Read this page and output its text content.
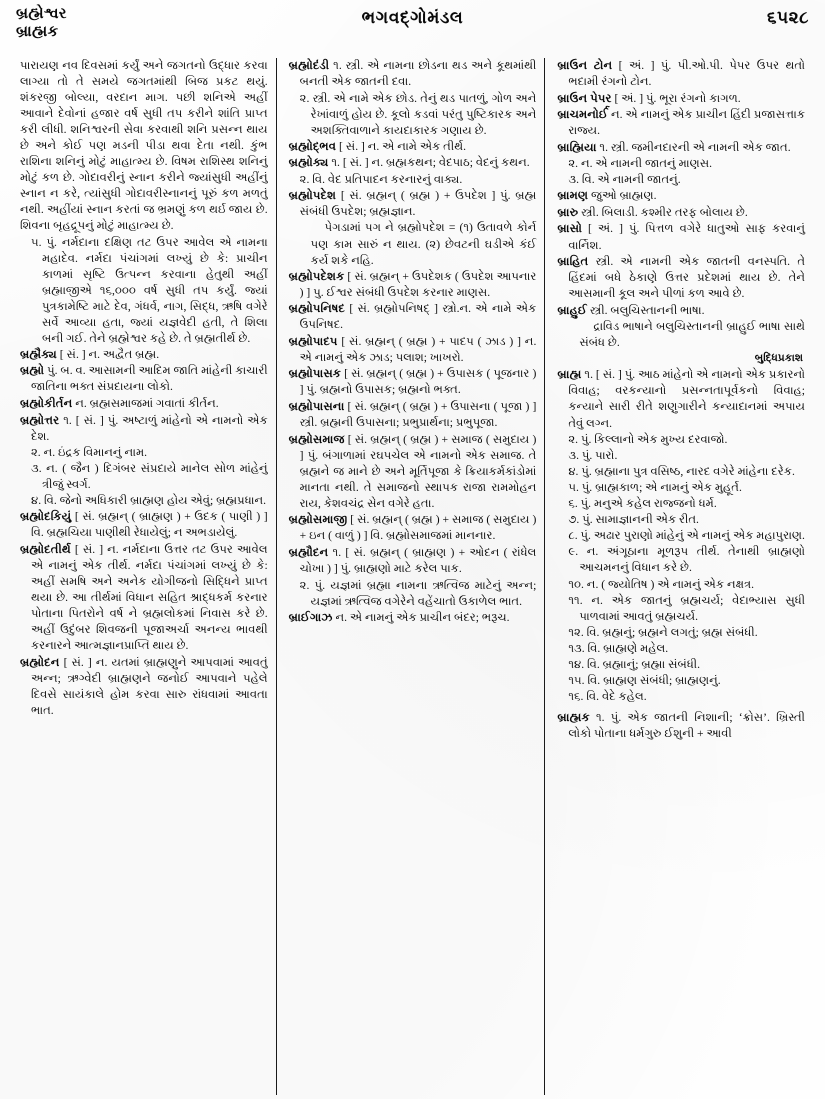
બ્રહ્મેશ્વર
બ્રાહ્મક
ભગવદ્ગોમંડલ	૬૫૨૮
પારાયણ નવ દિવસમાં કર્યું અને જગતનો ઉદ્ધાર કરવા લાગ્યા તો તે સમયે જગતમાંથી બિજ પ્રકટ થયું. શંકરજી બોલ્યા, વરદાન માગ. પછી શનિએ અહીં આવાને દેવોનાં હજાર વર્ષ સુધી તપ કરીને શાંતિ પ્રાપ્ત કરી લીધી. શનિશ્વરની સેવા કરવાથી શનિ પ્રસન્ન થાય છે અને કોઈ પણ મડની પીડા થવા દેતા નથી. કુંભ રાશિના શનિનું મોટું માહાત્મ્ય છે. વિષમ રાશિસ્થ શનિનું મોટું કળ છે. ગોદાવરીનું સ્નાન કરીને જ્યાંસુધી અહીંનું સ્નાન ન કરે, ત્યાંસુધી ગોદાવરીસ્નાનનું પૂરું કળ મળતું નથી. અહીંયાં સ્નાન કરતાં જ ભ્રમણું કળ થર્ઇ જાય છે. શિવના બૃહદ્રૂપનું મોટું માહાત્મ્ય છે.
૫. પું. નર્મદાના દક્ષિણ તટ ઉપર આવેલ એ નામના મહાદેવ. નર્મદા પંચાંગમાં લખ્યું છે કે: પ્રાચીન કાળમાં સૃષ્ટિ ઉત્પન્ન કરવાના હેતુથી અહીં બ્રહ્માજીએ ૧૬,૦૦૦ વર્ષ સુધી તપ કર્યું. જ્યાં પુત્રકામેષ્ટિ માટે દેવ, ગંધર્વ, નાગ, સિદ્ધ, ઋષિ વગેરે સર્વે આવ્યા હતા, જ્યાં યજ્ઞવેદી હતી, તે શિલા બની ગઈ. તેને બ્રહ્મેશ્વર કહે છે. તે બ્રહ્મતીર્થ છે.
બ્રહ્મૈક્ય [ સં. ] ન. અદ્વૈત બ્રહ્મ.
બ્રહ્મો પું. બ. વ. આસામની આદિમ જાતિ માંહેની કાચારી જાતિના ભક્ત સંપ્રદાયના લોકો.
બ્રહ્મોકીર્તન ન. બ્રહ્મસમાજમાં ગવાતાં કીર્તન.
બ્રહ્મોત્તર ૧. [ સં. ] પું. અષ્ટાળું માંહેનો એ નામનો એક દેશ.
૨. ન. ઇંદ્રક વિમાનનું નામ.
૩. ન. ( જૈન ) દિગંબર સંપ્રદાયે માનેલ સોળ માંહેનું ત્રીજું સ્વર્ગ.
૪. વિ. જેનો અધિકારી બ્રાહ્મણ હોય એવું; બ્રહ્મપ્રધાન.
બ્રહ્મોદકિયું [ સં. બ્રહ્મન્ ( બ્રાહ્મણ ) + ઉદક ( પાણી ) ] વિ. બ્રહ્મચિયા પાણીથી રેધાયેલું; ન અભડાયેલું.
બ્રહ્મોદતીર્થ [ સં. ] ન. નર્મદાના ઉત્તર તટ ઉપર આવેલ એ નામનું એક તીર્થ. નર્મદા પંચાંગમાં લખ્યું છે કે: અહીં સમષિ અને અનેક યોગીજનો સિદ્ધિને પ્રાપ્ત થયા છે. આ તીર્થમાં વિધાન સહિત શ્રાદ્ધકર્મ કરનાર પોતાના પિતરોને વર્ષ ને બ્રહ્મલોકમાં નિવાસ કરે છે. અહીં ઉદુંબર શિવજની પૂજાઅર્ચા અનન્ય ભાવથી કરનારને આત્મજ્ઞાનપ્રાપ્તિ થાય છે.
બ્રહ્મોદન [ સં. ] ન. યતમાં બ્રાહ્મણુને આપવામાં આવતું અન્ન; ઋગ્વેદી બ્રાહ્મણને જનોઈ આપવાને પહેલે દિવસે સાયંકાલે હોમ કરવા સારુ રાંધવામાં આવતા ભાત.
બ્રહ્મોદંડી ૧. સ્ત્રી. એ નામના છોડના થડ અને કૂથમાંથી બનતી એક જાતની દવા.
૨. સ્ત્રી. એ નામે એક છોડ. તેનું થડ પાતળું, ગોળ અને રેખાંવાળું હોય છે. કૂલો કડવાં પરંતુ પુષ્ટિકારક અને અશક્તિવાળાને કાયદાકારક ગણાય છે.
બ્રહ્મોદ્ભવ [ સં. ] ન. એ નામે એક તીર્થ.
બ્રહ્મોક્ય ૧. [ સં. ] ન. બ્રહ્મકથન; વેદપાઠ; વેદનું કથન.
૨. વિ. વેદ પ્રતિપાદન કરનારનું વાક્ય.
બ્રહ્મોપદેશ [ સં. બ્રહ્મન્ ( બ્રહ્મ ) + ઉપદેશ ] પું. બ્રહ્મ સંબંધી ઉપદેશ; બ્રહ્મજ્ઞાન.
પેગડામાં પગ ને બ્રહ્મોપદેશ = (૧) ઉતાવળે કોર્ન પણ કામ સારું ન થાય. (૨) છેવટની ઘડીએ કંઈ કર્ય શકે નહિ.
બ્રહ્મોપદેશક [ સં. બ્રહ્મન્ + ઉપદેશક ( ઉપદેશ આપનાર ) ] પુ. ઈશ્વર સંબંધી ઉપદેશ કરનાર માણસ.
બ્રહ્મોપનિષદ [ સં. બ્રહ્મોપનિષદ્ ] સ્ત્રો.ન. એ નામે એક ઉપનિષદ.
બ્રહ્મોપાદપ [ સં. બ્રહ્મન્ ( બ્રહ્મ ) + પાદપ ( ઝાડ ) ] ન. એ નામનું એક ઝાડ; પલાશ; ખાખરો.
બ્રહ્મોપાસક [ સં. બ્રહ્મન્ ( બ્રહ્મ ) + ઉપાસક ( પૂજનાર ) ] પું. બ્રહ્મનો ઉપાસક; બ્રહ્મનો ભક્ત.
બ્રહ્મોપાસના [ સં. બ્રહ્મન્ ( બ્રહ્મ ) + ઉપાસના ( પૂજા ) ] સ્ત્રી. બ્રહ્મની ઉપાસના; પ્રભુપ્રાર્થના; પ્રભુપૂજા.
બ્રહ્મોસમાજ [ સં. બ્રહ્મન્ ( બ્રહ્મ ) + સમાજ ( સમુદાય ) ] પું. બંગાળામાં રઘપચેલ એ નામનો એક સમાજ. તે બ્રહ્મને જ માને છે અને મૂર્તિપૂજા કે ક્રિયાકર્મકાંડોમાં માનતા નથી. તે સમાજનો સ્થાપક રાજા રામમોહન રાય, કેશવચંદ્ર સેન વગેરે હતા.
બ્રહ્મોસમાજી [ સં. બ્રહ્મન્ ( બ્રહ્મ ) + સમાજ ( સમુદાય ) + ઇન ( વાળું ) ] વિ. બ્રહ્મોસમાજમાં માનનાર.
બ્રહ્મૌદન ૧. [ સં. બ્રહ્મન્ ( બ્રાહ્મણ ) + ઓદન ( રાંધેલ ચોખા ) ] પું. બ્રાહ્મણો માટે કરેલ પાક.
૨. પું. યજ્ઞમાં બ્રહ્મા નામના ઋત્વિજ માટેનું અન્ન; યજ્ઞમાં ઋત્વિજ વગેરેને વહેંચાતો ઉકાળેલ ભાત.
બ્રાઈગાઝ ન. એ નામનું એક પ્રાચીન બંદર; ભરૂચ.
બ્રાઉન ટોન [ અં. ] પું. પી.ઓ.પી. પેપર ઉપર થતો ભદામી રંગનો ટોન.
બ્રાઉન પેપર [ અં. ] પું. ભૂરા રંગનો કાગળ.
બ્રાચમનોર્ઈ ન. એ નામનું એક પ્રાચીન હિંદી પ્રજાસત્તાક રાજ્ય.
બ્રાહ્મિયા ૧. સ્ત્રી. જમીનદારની એ નામની એક જાત.
૨. ન. એ નામની જાતનું માણસ.
૩. વિ. એ નામની જાતનું.
બ્રામણ જુઓ બ્રાહ્મણ.
બ્રારુ સ્ત્રી. બિલાડી. કશ્મીર તરફ બોલાય છે.
બ્રાસો [ અં. ] પું. પિત્તળ વગેરે ધાતુઓ સાફ કરવાનું વાર્નિશ.
બ્રાહિત સ્ત્રી. એ નામની એક જાતની વનસ્પતિ. તે હિંદમાં બધે ઠેકાણે ઉત્તર પ્રદેશમાં થાય છે. તેને આસમાની કૂલ અને પીળાં કળ આવે છે.
બ્રાહુઈ સ્ત્રી. બલુચિસ્તાનની ભાષા.
દ્રાવિડ ભાષાને બલુચિસ્તાનની બ્રાહુઈ ભાષા સાથે સંબંધ છે.
બુદ્ધિપ્રકાશ
બ્રાહ્મ ૧. [ સં. ] પું. આઠ માંહેનો એ નામનો એક પ્રકારનો વિવાહ; વરકન્યાનો પ્રસન્નતાપૂર્વકનો વિવાહ; કન્યાને સારી રીતે શણુગારીને કન્યાદાનમાં અપાય તેવું લગ્ન.
૨. પું. કિલ્લાનો એક મુખ્ય દરવાજો.
૩. પું. પારો.
૪. પું. બ્રહ્માના પુત્ર વસિષ્ઠ, નારદ વગેરે માંહેના દરેક.
૫. પું. બ્રાહ્મકાળ; એ નામનું એક મુહૂર્ત.
૬. પું. મનુએ કહેલ રાજ્જનો ધર્મ.
૭. પું. સામાજ્ઞાનની એક રીત.
૮. પું. અઢાર પુરાણો માંહેનું એ નામનું એક મહાપુરાણ.
૯. ન. અંગૂઠાના મૂળરૂપ તીર્થ. તેનાથી બ્રાહ્મણો આચમનનું વિધાન કરે છે.
૧૦. ન. ( જ્યોતિષ ) એ નામનું એક નક્ષત્ર.
૧૧. ન. એક જાતનું બ્રહ્મચર્ય; વેદાભ્યાસ સુધી પાળવામાં આવતું બ્રહ્મચર્ય.
૧૨. વિ. બ્રહ્મનું; બ્રહ્મને લગતું; બ્રહ્મ સંબંધી.
૧૩. વિ. બ્રાહ્મણે મહેલ.
૧૪. વિ. બ્રહ્માનું; બ્રહ્મા સંબંધી.
૧૫. વિ. બ્રાહ્મણ સંબંધી; બ્રાહ્મણનું.
૧૬. વિ. વેદે કહેલ.
બ્રાહ્મક ૧. પું. એક જાતની નિશાની; ‘ક્રોસ’. ખ્રિસ્તી લોકો પોતાના ધર્મગુરુ ઈશુની + આવી
